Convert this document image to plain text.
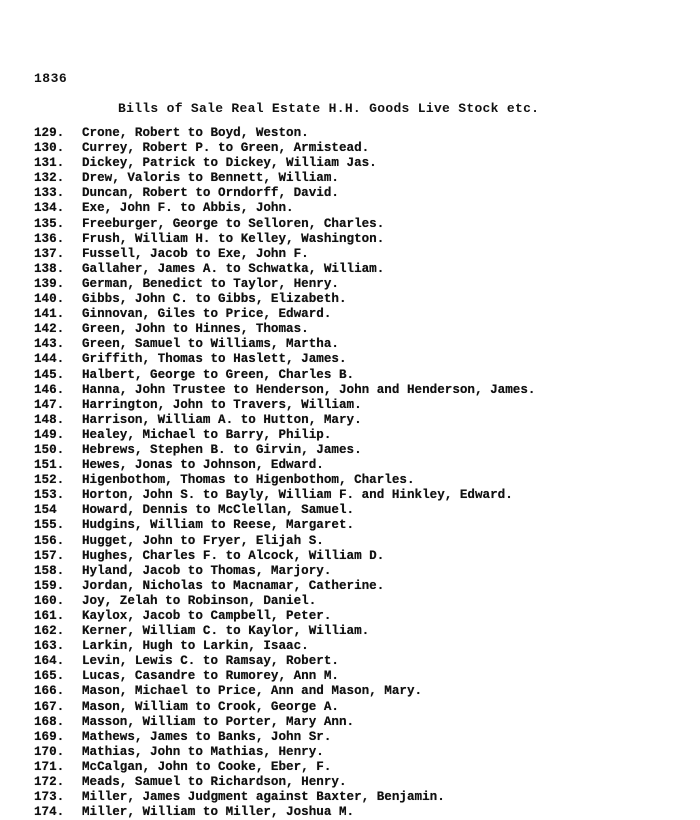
1836
Bills of Sale Real Estate H.H. Goods Live Stock etc.
129.	Crone, Robert to Boyd, Weston.
130.	Currey, Robert P. to Green, Armistead.
131.	Dickey, Patrick to Dickey, William Jas.
132.	Drew, Valoris to Bennett, William.
133.	Duncan, Robert to Orndorff, David.
134.	Exe, John F. to Abbis, John.
135.	Freeburger, George to Selloren, Charles.
136.	Frush, William H. to Kelley, Washington.
137.	Fussell, Jacob to Exe, John F.
138.	Gallaher, James A. to Schwatka, William.
139.	German, Benedict to Taylor, Henry.
140.	Gibbs, John C. to Gibbs, Elizabeth.
141.	Ginnovan, Giles to Price, Edward.
142.	Green, John to Hinnes, Thomas.
143.	Green, Samuel to Williams, Martha.
144.	Griffith, Thomas to Haslett, James.
145.	Halbert, George to Green, Charles B.
146.	Hanna, John Trustee to Henderson, John and Henderson, James.
147.	Harrington, John to Travers, William.
148.	Harrison, William A. to Hutton, Mary.
149.	Healey, Michael to Barry, Philip.
150.	Hebrews, Stephen B. to Girvin, James.
151.	Hewes, Jonas to Johnson, Edward.
152.	Higenbothom, Thomas to Higenbothom, Charles.
153.	Horton, John S. to Bayly, William F. and Hinkley, Edward.
154	Howard, Dennis to McClellan, Samuel.
155.	Hudgins, William to Reese, Margaret.
156.	Hugget, John to Fryer, Elijah S.
157.	Hughes, Charles F. to Alcock, William D.
158.	Hyland, Jacob to Thomas, Marjory.
159.	Jordan, Nicholas to Macnamar, Catherine.
160.	Joy, Zelah to Robinson, Daniel.
161.	Kaylox, Jacob to Campbell, Peter.
162.	Kerner, William C. to Kaylor, William.
163.	Larkin, Hugh to Larkin, Isaac.
164.	Levin, Lewis C. to Ramsay, Robert.
165.	Lucas, Casandre to Rumorey, Ann M.
166.	Mason, Michael to Price, Ann and Mason, Mary.
167.	Mason, William to Crook, George A.
168.	Masson, William to Porter, Mary Ann.
169.	Mathews, James to Banks, John Sr.
170.	Mathias, John to Mathias, Henry.
171.	McCalgan, John to Cooke, Eber, F.
172.	Meads, Samuel to Richardson, Henry.
173.	Miller, James Judgment against Baxter, Benjamin.
174.	Miller, William to Miller, Joshua M.
